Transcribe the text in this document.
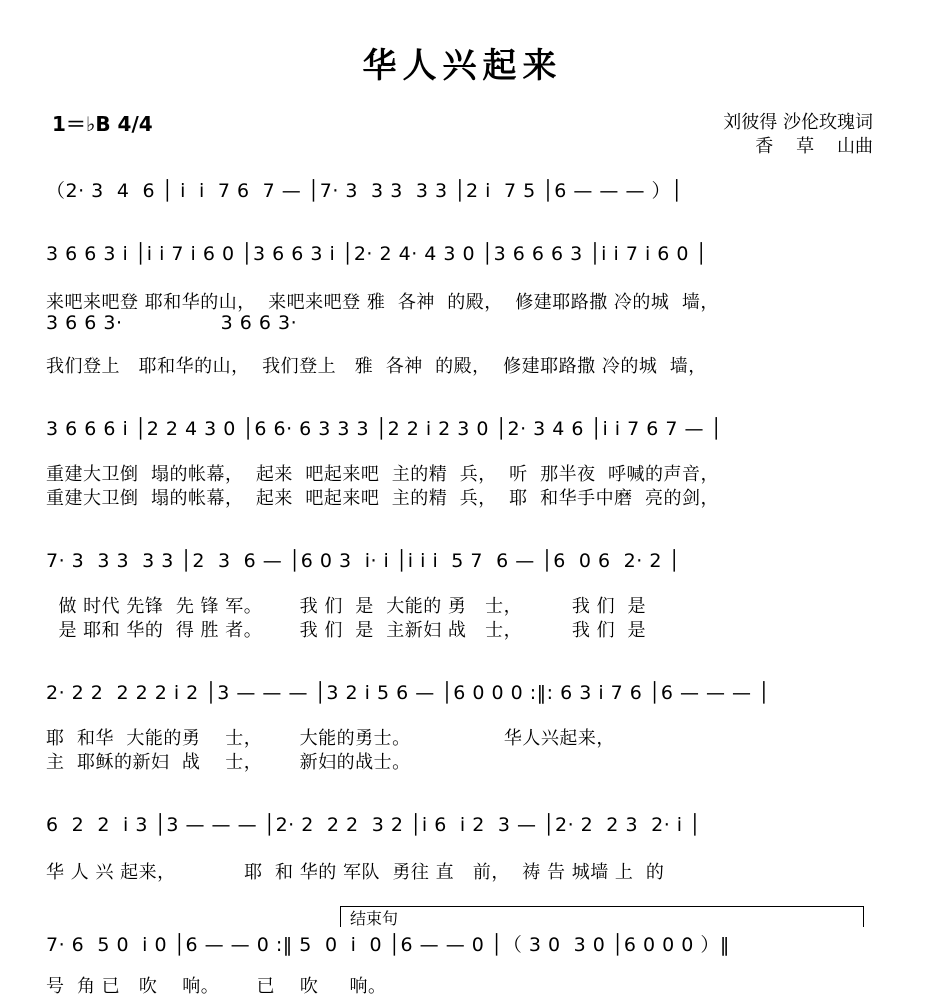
华人兴起来
1＝♭B 4/4	刘彼得 沙伦玫瑰词
香    草    山曲
（2· 3  4  6 │ i  i  7 6  7 — │7· 3  3 3  3 3 │2 i  7 5 │6 — — — ）│
3 6 6 3 i │i i 7 i 6 0 │3 6 6 3 i │2· 2 4· 4 3 0 │3 6 6 6 3 │i i 7 i 6 0 │
来吧来吧登 耶和华的山，  来吧来吧登 雅  各神  的殿，  修建耶路撒 冷的城  墙，
3 6 6 3·               3 6 6 3·
我们登上   耶和华的山，  我们登上   雅  各神  的殿，  修建耶路撒 冷的城  墙，
3 6 6 6 i │2 2 4 3 0 │6 6· 6 3 3 3 │2 2 i 2 3 0 │2· 3 4 6 │i i 7 6 7 — │
重建大卫倒  塌的帐幕，  起来  吧起来吧  主的精  兵，  听  那半夜  呼喊的声音，
重建大卫倒  塌的帐幕，  起来  吧起来吧  主的精  兵，  耶  和华手中磨  亮的剑，
7· 3  3 3  3 3 │2  3  6 — │6 0 3  i· i │i i i  5 7  6 — │6  0 6  2· 2 │
做 时代 先锋  先 锋 军。      我 们  是  大能的 勇   士，        我 们  是
是 耶和 华的  得 胜 者。      我 们  是  主新妇 战   士，        我 们  是
2· 2 2  2 2 2 i 2 │3 — — — │3 2 i 5 6 — │6 0 0 0 :‖: 6 3 i 7 6 │6 — — — │
耶  和华  大能的勇    士，      大能的勇士。               华人兴起来，
主  耶稣的新妇  战    士，      新妇的战士。
6  2  2  i 3 │3 — — — │2· 2  2 2  3 2 │i 6  i 2  3 — │2· 2  2 3  2· i │
华 人 兴 起来，           耶  和 华的 军队  勇往 直   前，  祷 告 城墙 上  的
结束句
7· 6  5 0  i 0 │6 — — 0 :‖ 5  0  i  0 │6 — — 0 │（ 3 0  3 0 │6 0 0 0 ）‖
号  角 已   吹    响。      已    吹     响。
